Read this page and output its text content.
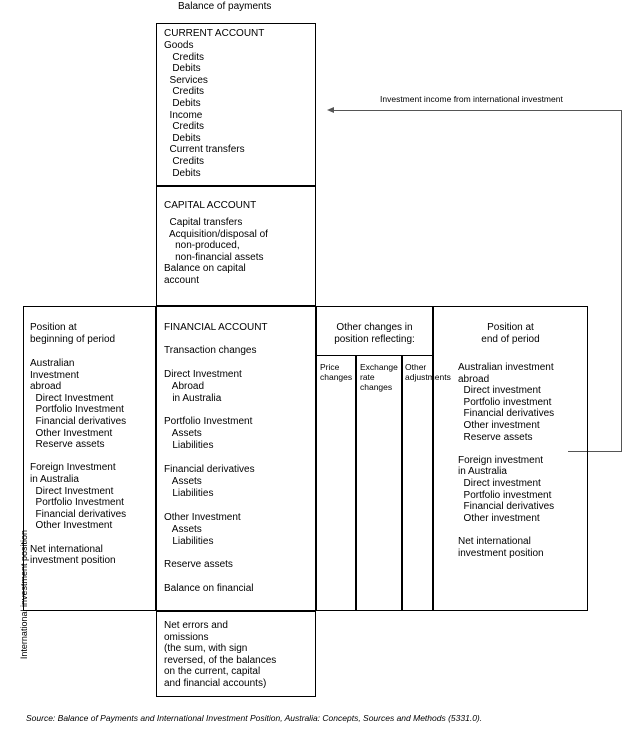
Balance of payments
CURRENT ACCOUNT
Goods
Credits
Debits
Services
Credits
Debits
Income
Credits
Debits
Current transfers
Credits
Debits
CAPITAL ACCOUNT
Capital transfers
Acquisition/disposal of
non-produced,
non-financial assets
Balance on capital
account
Investment income from international investment
International investment position
Position at
beginning of period
Australian
Investment
abroad
Direct Investment
Portfolio Investment
Financial derivatives
Other Investment
Reserve assets

Foreign Investment
in Australia
Direct Investment
Portfolio Investment
Financial derivatives
Other Investment

Net international
investment position
FINANCIAL ACCOUNT
Transaction changes

Direct Investment
Abroad
in Australia

Portfolio Investment
Assets
Liabilities

Financial derivatives
Assets
Liabilities

Other Investment
Assets
Liabilities

Reserve assets

Balance on financial
Other changes in
position reflecting:
Price
changes
Exchange
rate
changes
Other
adjustments
Position at
end of period
Australian investment
abroad
Direct investment
Portfolio investment
Financial derivatives
Other investment
Reserve assets

Foreign investment
in Australia
Direct investment
Portfolio investment
Financial derivatives
Other investment

Net international
investment position

Net errors and
omissions
(the sum, with sign
reversed, of the balances
on the current, capital
and financial accounts)
Source: Balance of Payments and International Investment Position, Australia: Concepts, Sources and Methods (5331.0).
